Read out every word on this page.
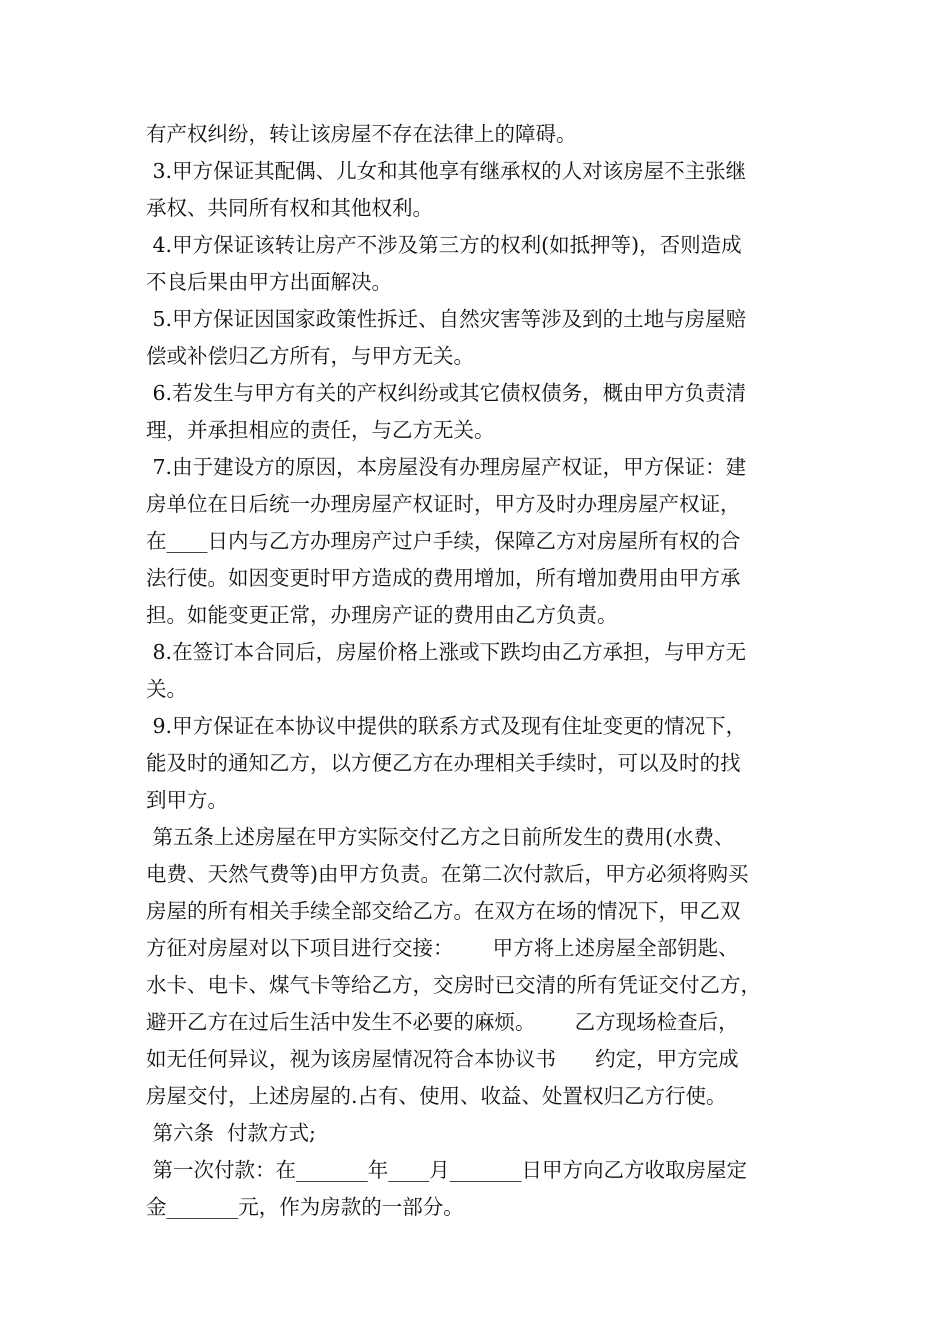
有产权纠纷，转让该房屋不存在法律上的障碍。
3.甲方保证其配偶、儿女和其他享有继承权的人对该房屋不主张继
承权、共同所有权和其他权利。
4.甲方保证该转让房产不涉及第三方的权利(如抵押等)，否则造成
不良后果由甲方出面解决。
5.甲方保证因国家政策性拆迁、自然灾害等涉及到的土地与房屋赔
偿或补偿归乙方所有，与甲方无关。
6.若发生与甲方有关的产权纠纷或其它债权债务，概由甲方负责清
理，并承担相应的责任，与乙方无关。
7.由于建设方的原因，本房屋没有办理房屋产权证，甲方保证：建
房单位在日后统一办理房屋产权证时，甲方及时办理房屋产权证，
在____日内与乙方办理房产过户手续，保障乙方对房屋所有权的合
法行使。如因变更时甲方造成的费用增加，所有增加费用由甲方承
担。如能变更正常，办理房产证的费用由乙方负责。
8.在签订本合同后，房屋价格上涨或下跌均由乙方承担，与甲方无
关。
9.甲方保证在本协议中提供的联系方式及现有住址变更的情况下，
能及时的通知乙方，以方便乙方在办理相关手续时，可以及时的找
到甲方。
第五条上述房屋在甲方实际交付乙方之日前所发生的费用(水费、
电费、天然气费等)由甲方负责。在第二次付款后，甲方必须将购买
房屋的所有相关手续全部交给乙方。在双方在场的情况下，甲乙双
方征对房屋对以下项目进行交接：      甲方将上述房屋全部钥匙、
水卡、电卡、煤气卡等给乙方，交房时已交清的所有凭证交付乙方，
避开乙方在过后生活中发生不必要的麻烦。      乙方现场检查后，
如无任何异议，视为该房屋情况符合本协议书      约定，甲方完成
房屋交付，上述房屋的.占有、使用、收益、处置权归乙方行使。
第六条  付款方式;
第一次付款：在_______年____月_______日甲方向乙方收取房屋定
金_______元，作为房款的一部分。
